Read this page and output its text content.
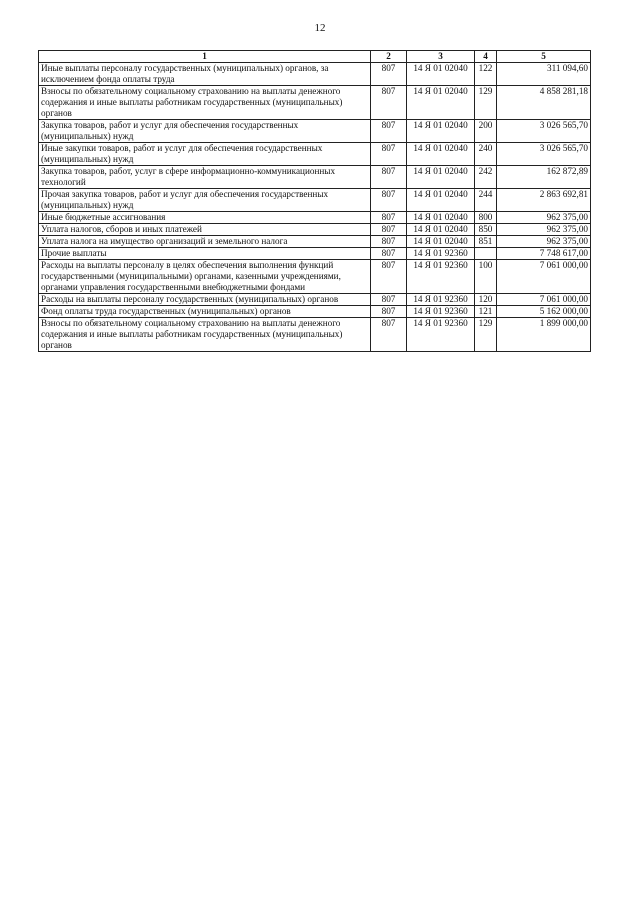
12
1	2	3	4	5
Иные выплаты персоналу государственных (муниципальных) органов, за исключением фонда оплаты труда	807	14 Я 01 02040	122	311 094,60
Взносы по обязательному социальному страхованию на выплаты денежного содержания и иные выплаты работникам государственных (муниципальных) органов	807	14 Я 01 02040	129	4 858 281,18
Закупка товаров, работ и услуг для обеспечения государственных (муниципальных) нужд	807	14 Я 01 02040	200	3 026 565,70
Иные закупки товаров, работ и услуг для обеспечения государственных (муниципальных) нужд	807	14 Я 01 02040	240	3 026 565,70
Закупка товаров, работ, услуг в сфере информационно-коммуникационных технологий	807	14 Я 01 02040	242	162 872,89
Прочая закупка товаров, работ и услуг для обеспечения государственных (муниципальных) нужд	807	14 Я 01 02040	244	2 863 692,81
Иные бюджетные ассигнования	807	14 Я 01 02040	800	962 375,00
Уплата налогов, сборов и иных платежей	807	14 Я 01 02040	850	962 375,00
Уплата налога на имущество организаций и земельного налога	807	14 Я 01 02040	851	962 375,00
Прочие выплаты	807	14 Я 01 92360		7 748 617,00
Расходы на выплаты персоналу в целях обеспечения выполнения функций государственными (муниципальными) органами, казенными учреждениями, органами управления государственными внебюджетными фондами	807	14 Я 01 92360	100	7 061 000,00
Расходы на выплаты персоналу государственных (муниципальных) органов	807	14 Я 01 92360	120	7 061 000,00
Фонд оплаты труда государственных (муниципальных) органов	807	14 Я 01 92360	121	5 162 000,00
Взносы по обязательному социальному страхованию на выплаты денежного содержания и иные выплаты работникам государственных (муниципальных) органов	807	14 Я 01 92360	129	1 899 000,00
